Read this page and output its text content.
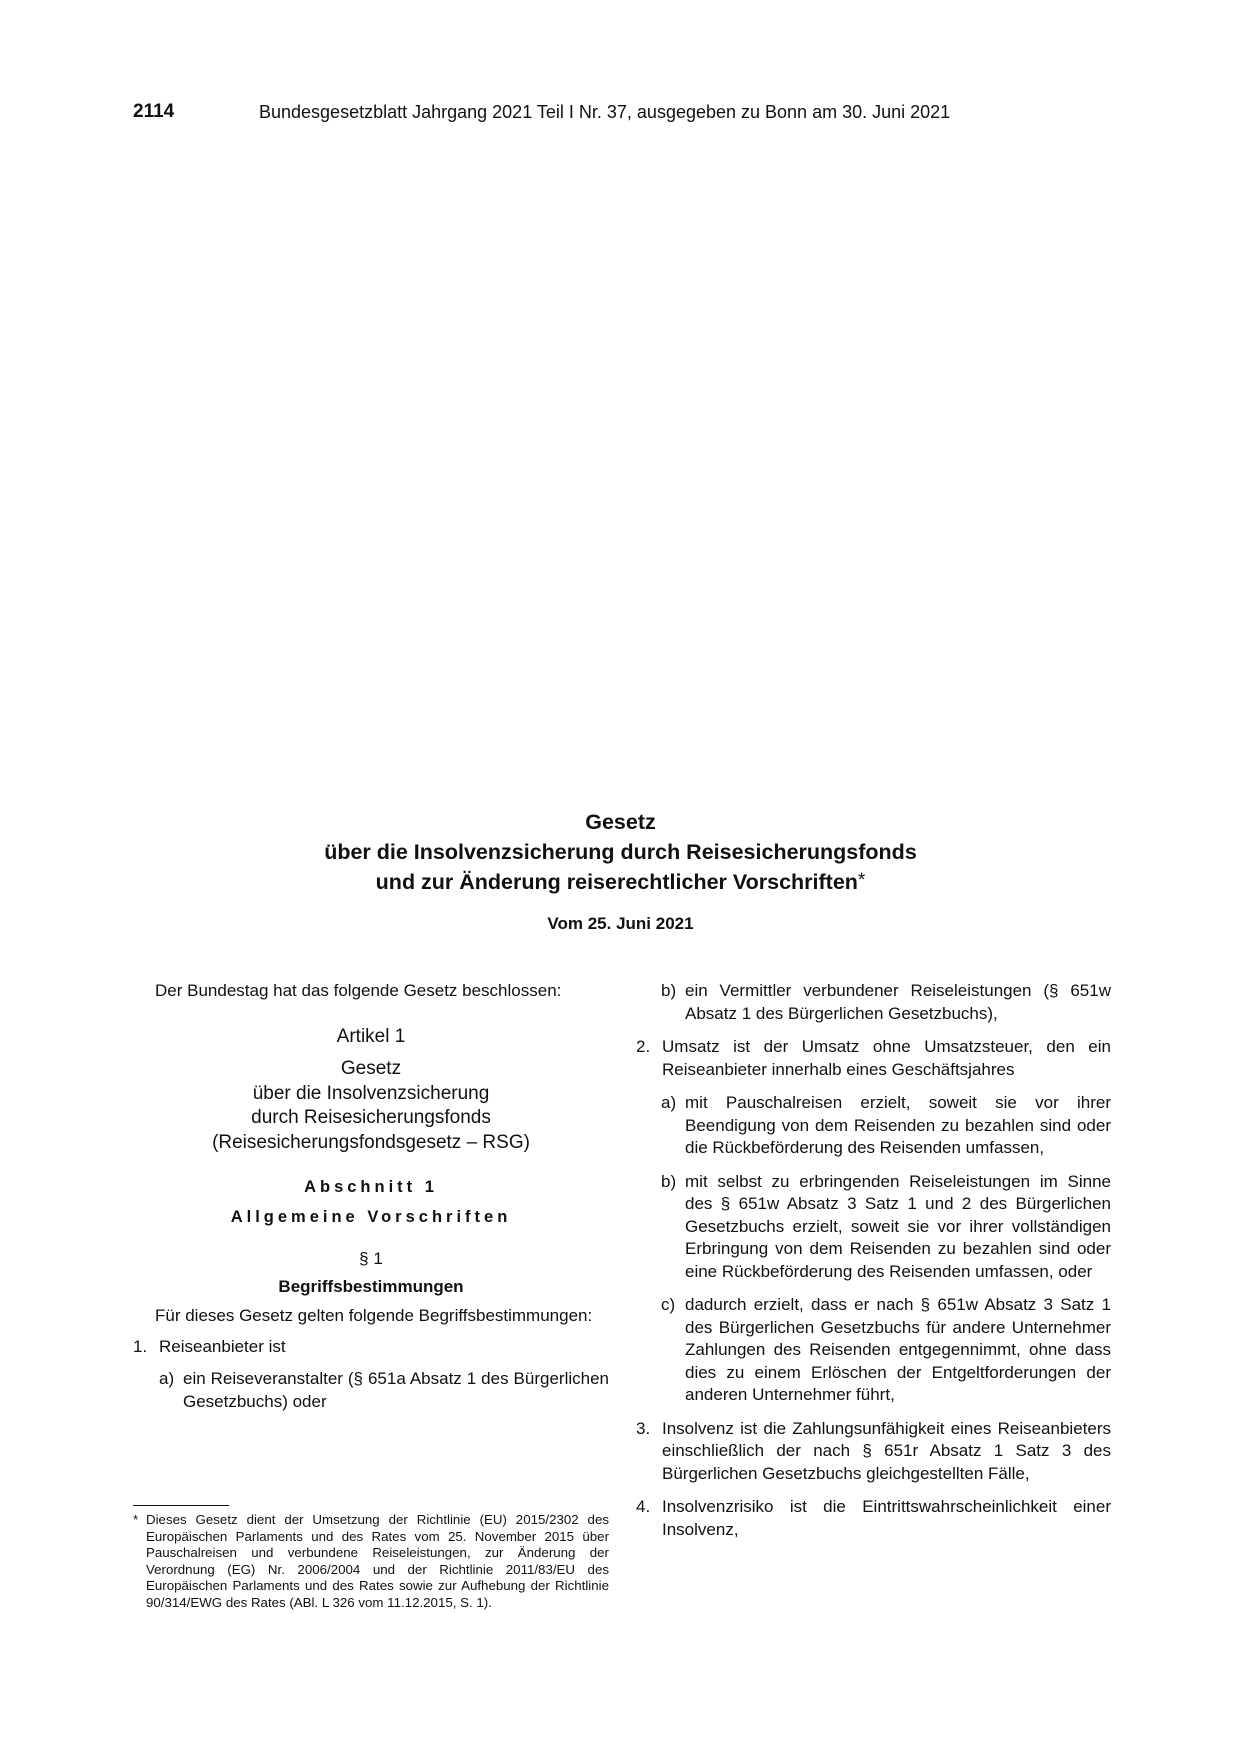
2114	Bundesgesetzblatt Jahrgang 2021 Teil I Nr. 37, ausgegeben zu Bonn am 30. Juni 2021
Gesetz
über die Insolvenzsicherung durch Reisesicherungsfonds
und zur Änderung reiserechtlicher Vorschriften*
Vom 25. Juni 2021

Der Bundestag hat das folgende Gesetz beschlossen:

Artikel 1
Gesetz
über die Insolvenzsicherung
durch Reisesicherungsfonds
(Reisesicherungsfondsgesetz – RSG)
Abschnitt 1
Allgemeine Vorschriften
§ 1
Begriffsbestimmungen

Für dieses Gesetz gelten folgende Begriffsbestimmungen:

1. Reiseanbieter ist
a) ein Reiseveranstalter (§ 651a Absatz 1 des Bürgerlichen Gesetzbuchs) oder
* Dieses Gesetz dient der Umsetzung der Richtlinie (EU) 2015/2302 des Europäischen Parlaments und des Rates vom 25. November 2015 über Pauschalreisen und verbundene Reiseleistungen, zur Änderung der Verordnung (EG) Nr. 2006/2004 und der Richtlinie 2011/83/EU des Europäischen Parlaments und des Rates sowie zur Aufhebung der Richtlinie 90/314/EWG des Rates (ABl. L 326 vom 11.12.2015, S. 1).
b) ein Vermittler verbundener Reiseleistungen (§ 651w Absatz 1 des Bürgerlichen Gesetzbuchs),
2. Umsatz ist der Umsatz ohne Umsatzsteuer, den ein Reiseanbieter innerhalb eines Geschäftsjahres
a) mit Pauschalreisen erzielt, soweit sie vor ihrer Beendigung von dem Reisenden zu bezahlen sind oder die Rückbeförderung des Reisenden umfassen,
b) mit selbst zu erbringenden Reiseleistungen im Sinne des § 651w Absatz 3 Satz 1 und 2 des Bürgerlichen Gesetzbuchs erzielt, soweit sie vor ihrer vollständigen Erbringung von dem Reisenden zu bezahlen sind oder eine Rückbeförderung des Reisenden umfassen, oder
c) dadurch erzielt, dass er nach § 651w Absatz 3 Satz 1 des Bürgerlichen Gesetzbuchs für andere Unternehmer Zahlungen des Reisenden entgegennimmt, ohne dass dies zu einem Erlöschen der Entgeltforderungen der anderen Unternehmer führt,
3. Insolvenz ist die Zahlungsunfähigkeit eines Reiseanbieters einschließlich der nach § 651r Absatz 1 Satz 3 des Bürgerlichen Gesetzbuchs gleichgestellten Fälle,
4. Insolvenzrisiko ist die Eintrittswahrscheinlichkeit einer Insolvenz,
